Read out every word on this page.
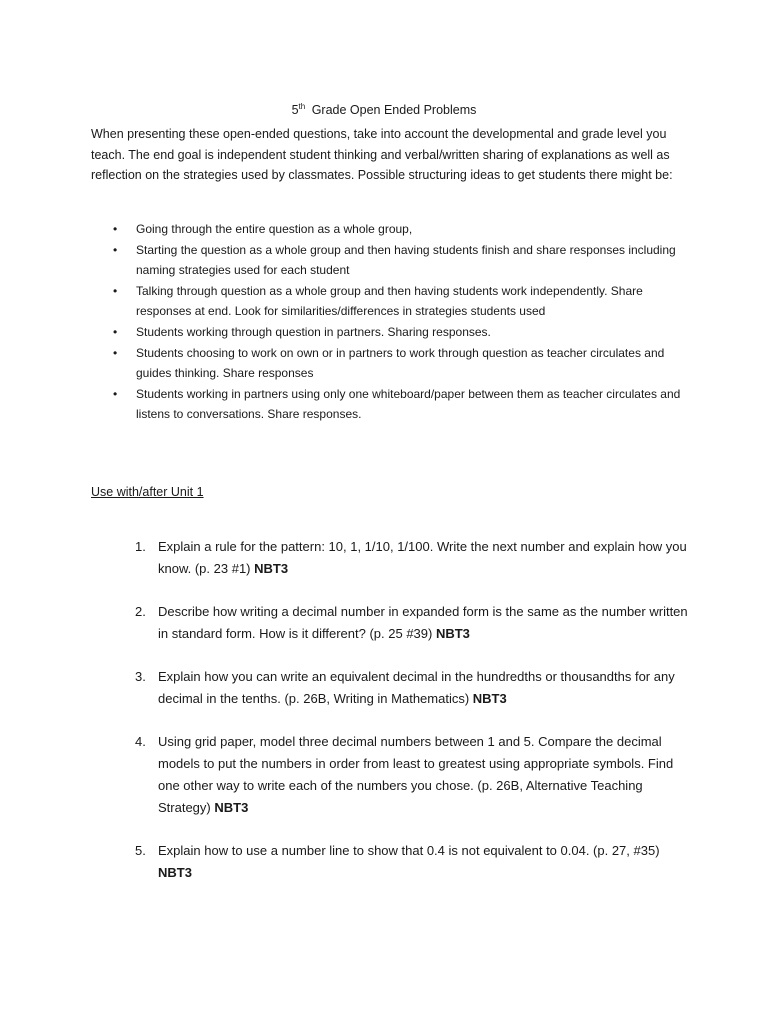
5th Grade Open Ended Problems

When presenting these open-ended questions, take into account the developmental and grade level you teach. The end goal is independent student thinking and verbal/written sharing of explanations as well as reflection on the strategies used by classmates. Possible structuring ideas to get students there might be:

• Going through the entire question as a whole group,
• Starting the question as a whole group and then having students finish and share responses including naming strategies used for each student
• Talking through question as a whole group and then having students work independently. Share responses at end. Look for similarities/differences in strategies students used
• Students working through question in partners. Sharing responses.
• Students choosing to work on own or in partners to work through question as teacher circulates and guides thinking. Share responses
• Students working in partners using only one whiteboard/paper between them as teacher circulates and listens to conversations. Share responses.

Use with/after Unit 1

1. Explain a rule for the pattern: 10, 1, 1/10, 1/100. Write the next number and explain how you know. (p. 23 #1) NBT3
2. Describe how writing a decimal number in expanded form is the same as the number written in standard form. How is it different? (p. 25 #39) NBT3
3. Explain how you can write an equivalent decimal in the hundredths or thousandths for any decimal in the tenths. (p. 26B, Writing in Mathematics) NBT3
4. Using grid paper, model three decimal numbers between 1 and 5. Compare the decimal models to put the numbers in order from least to greatest using appropriate symbols. Find one other way to write each of the numbers you chose. (p. 26B, Alternative Teaching Strategy) NBT3
5. Explain how to use a number line to show that 0.4 is not equivalent to 0.04. (p. 27, #35) NBT3
